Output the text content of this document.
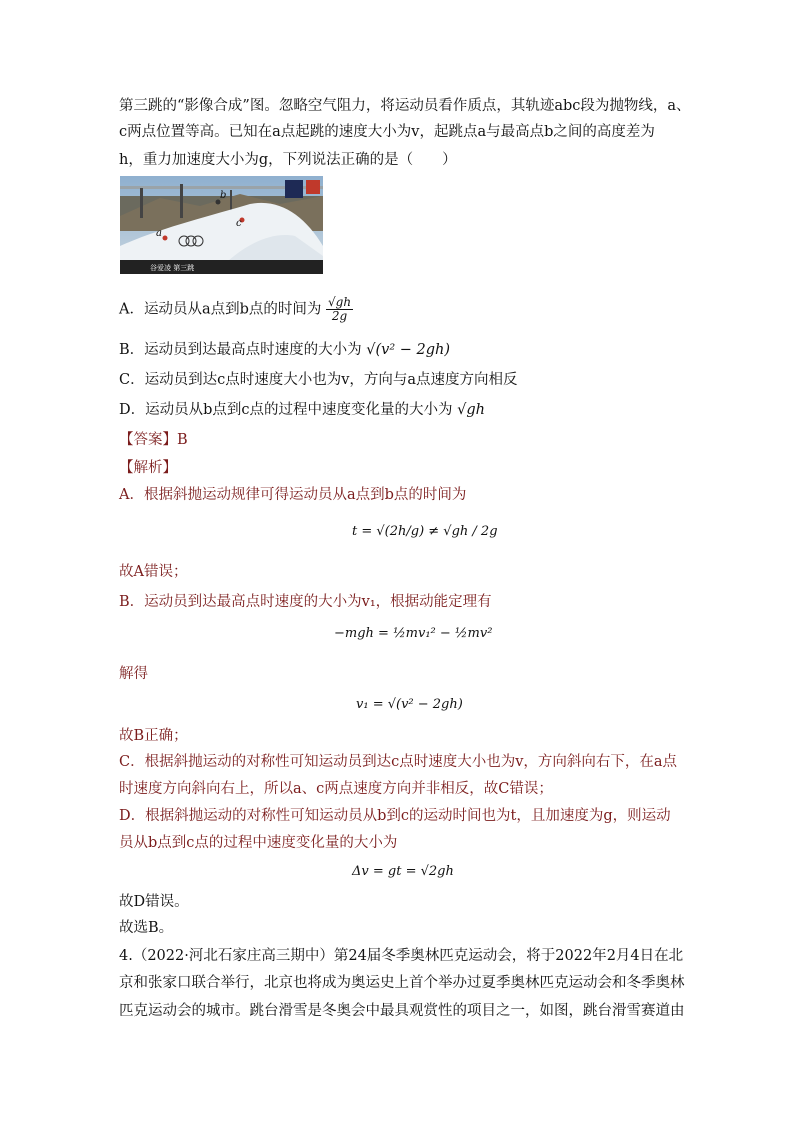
第三跳的“影像合成”图。忽略空气阻力，将运动员看作质点，其轨迹abc段为抛物线，a、
c两点位置等高。已知在a点起跳的速度大小为v，起跳点a与最高点b之间的高度差为
h，重力加速度大小为g，下列说法正确的是（　　）
a
b
c
谷爱凌 第三跳
A．运动员从a点到b点的时间为 $\frac{√gh}{2g}$
B．运动员到达最高点时速度的大小为 √(v² − 2gh)
C．运动员到达c点时速度大小也为v，方向与a点速度方向相反
D．运动员从b点到c点的过程中速度变化量的大小为 √gh
【答案】B
【解析】
A．根据斜抛运动规律可得运动员从a点到b点的时间为
t = √(2h/g) ≠ √gh / 2g
故A错误；
B．运动员到达最高点时速度的大小为v₁，根据动能定理有
−mgh = ½mv₁² − ½mv²
解得
v₁ = √(v² − 2gh)
故B正确；
C．根据斜抛运动的对称性可知运动员到达c点时速度大小也为v，方向斜向右下，在a点
时速度方向斜向右上，所以a、c两点速度方向并非相反，故C错误；
D．根据斜抛运动的对称性可知运动员从b到c的运动时间也为t，且加速度为g，则运动
员从b点到c点的过程中速度变化量的大小为
Δv = gt = √2gh
故D错误。
故选B。
4.（2022·河北石家庄高三期中）第24届冬季奥林匹克运动会，将于2022年2月4日在北
京和张家口联合举行，北京也将成为奥运史上首个举办过夏季奥林匹克运动会和冬季奥林
匹克运动会的城市。跳台滑雪是冬奥会中最具观赏性的项目之一，如图，跳台滑雪赛道由
